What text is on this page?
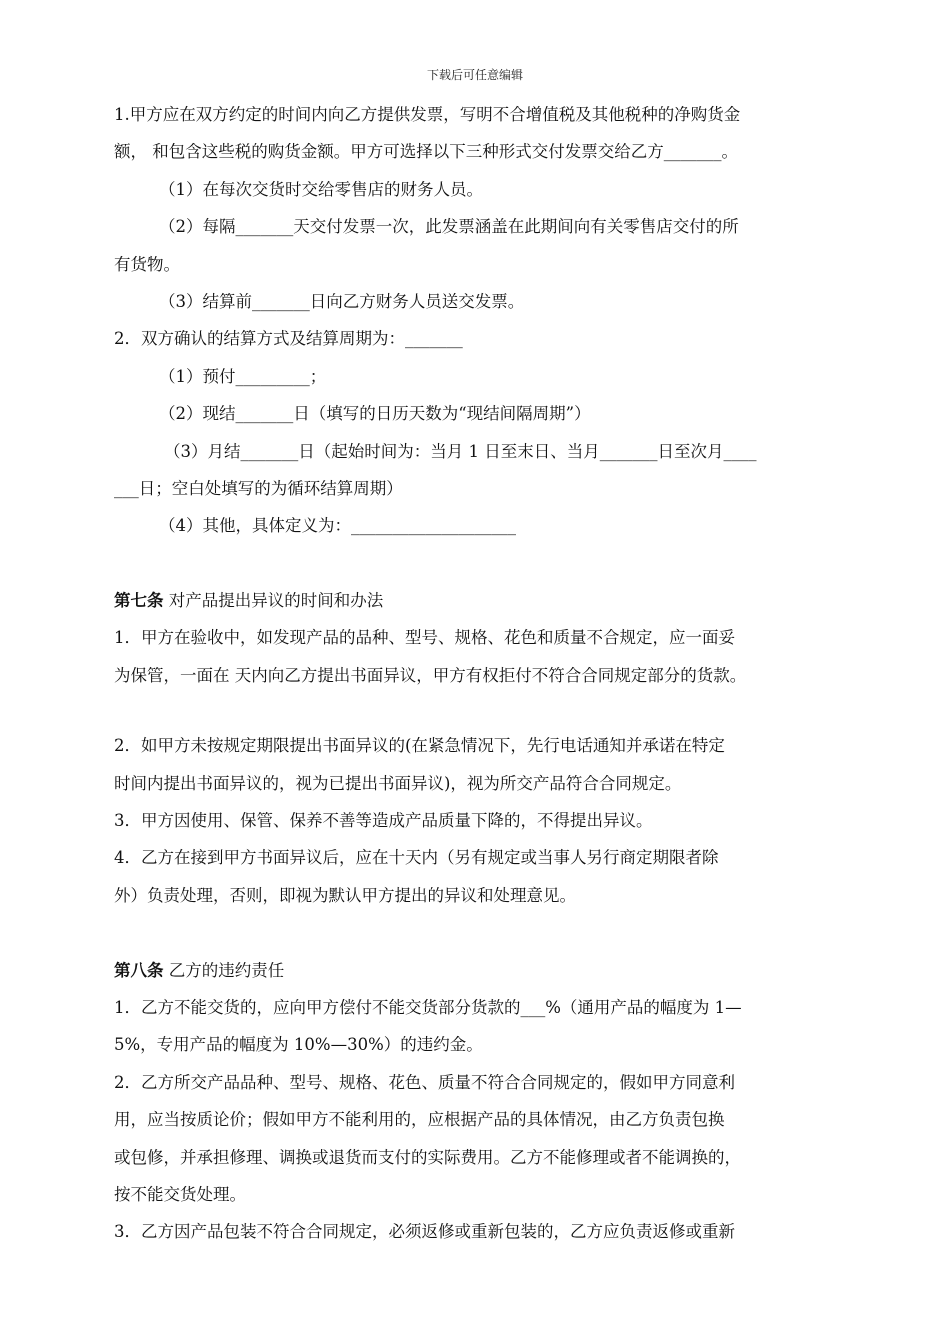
下载后可任意编辑
1.甲方应在双方约定的时间内向乙方提供发票，写明不合增值税及其他税种的净购货金
额， 和包含这些税的购货金额。甲方可选择以下三种形式交付发票交给乙方_______。
（1）在每次交货时交给零售店的财务人员。
（2）每隔_______天交付发票一次，此发票涵盖在此期间向有关零售店交付的所
有货物。
（3）结算前_______日向乙方财务人员送交发票。
2．双方确认的结算方式及结算周期为：_______
（1）预付_________；
（2）现结_______日（填写的日历天数为“现结间隔周期”）
（3）月结_______日（起始时间为：当月 1 日至末日、当月_______日至次月____
___日；空白处填写的为循环结算周期）
（4）其他，具体定义为：____________________
第七条 对产品提出异议的时间和办法
1．甲方在验收中，如发现产品的品种、型号、规格、花色和质量不合规定，应一面妥
为保管，一面在 天内向乙方提出书面异议，甲方有权拒付不符合合同规定部分的货款。
2．如甲方未按规定期限提出书面异议的(在紧急情况下，先行电话通知并承诺在特定
时间内提出书面异议的，视为已提出书面异议)，视为所交产品符合合同规定。
3．甲方因使用、保管、保养不善等造成产品质量下降的，不得提出异议。
4．乙方在接到甲方书面异议后，应在十天内（另有规定或当事人另行商定期限者除
外）负责处理，否则，即视为默认甲方提出的异议和处理意见。
第八条 乙方的违约责任
1．乙方不能交货的，应向甲方偿付不能交货部分货款的___%（通用产品的幅度为 1—
5%，专用产品的幅度为 10%—30%）的违约金。
2．乙方所交产品品种、型号、规格、花色、质量不符合合同规定的，假如甲方同意利
用，应当按质论价；假如甲方不能利用的，应根据产品的具体情况，由乙方负责包换
或包修，并承担修理、调换或退货而支付的实际费用。乙方不能修理或者不能调换的，
按不能交货处理。
3．乙方因产品包装不符合合同规定，必须返修或重新包装的，乙方应负责返修或重新
